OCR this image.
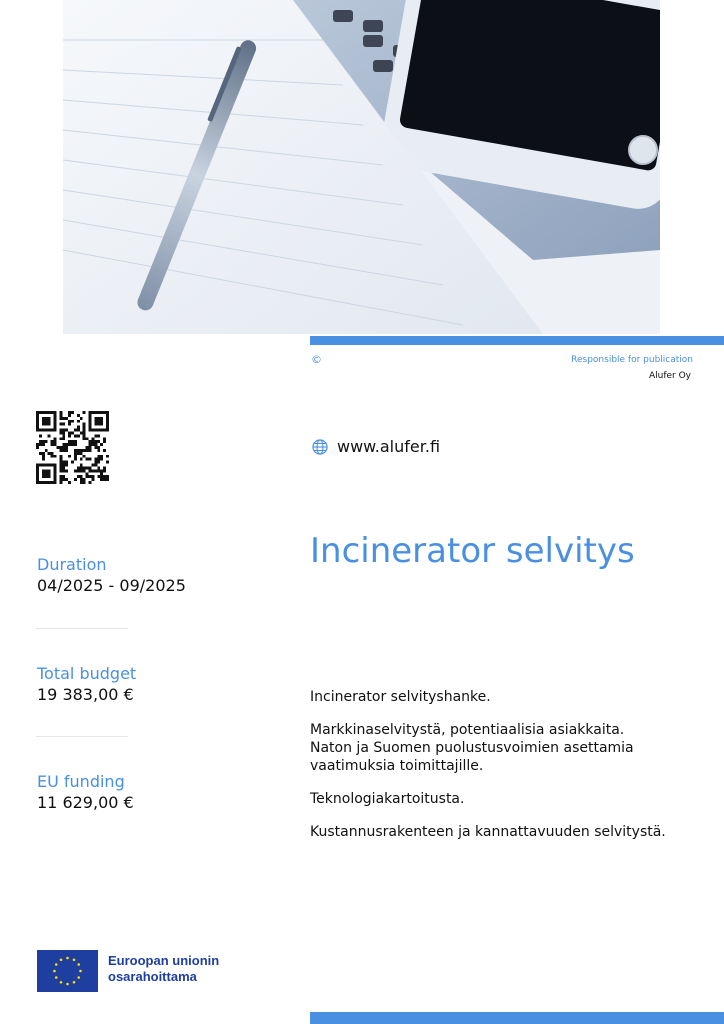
©	Responsible for publication
Alufer Oy
www.alufer.fi
Incinerator selvitys
Duration
04/2025 - 09/2025
Total budget
19 383,00 €
EU funding
11 629,00 €

Incinerator selvityshanke.

Markkinaselvitystä, potentiaalisia asiakkaita.
Naton ja Suomen puolustusvoimien asettamia
vaatimuksia toimittajille.

Teknologiakartoitusta.

Kustannusrakenteen ja kannattavuuden selvitystä.

Euroopan unionin
osarahoittama
